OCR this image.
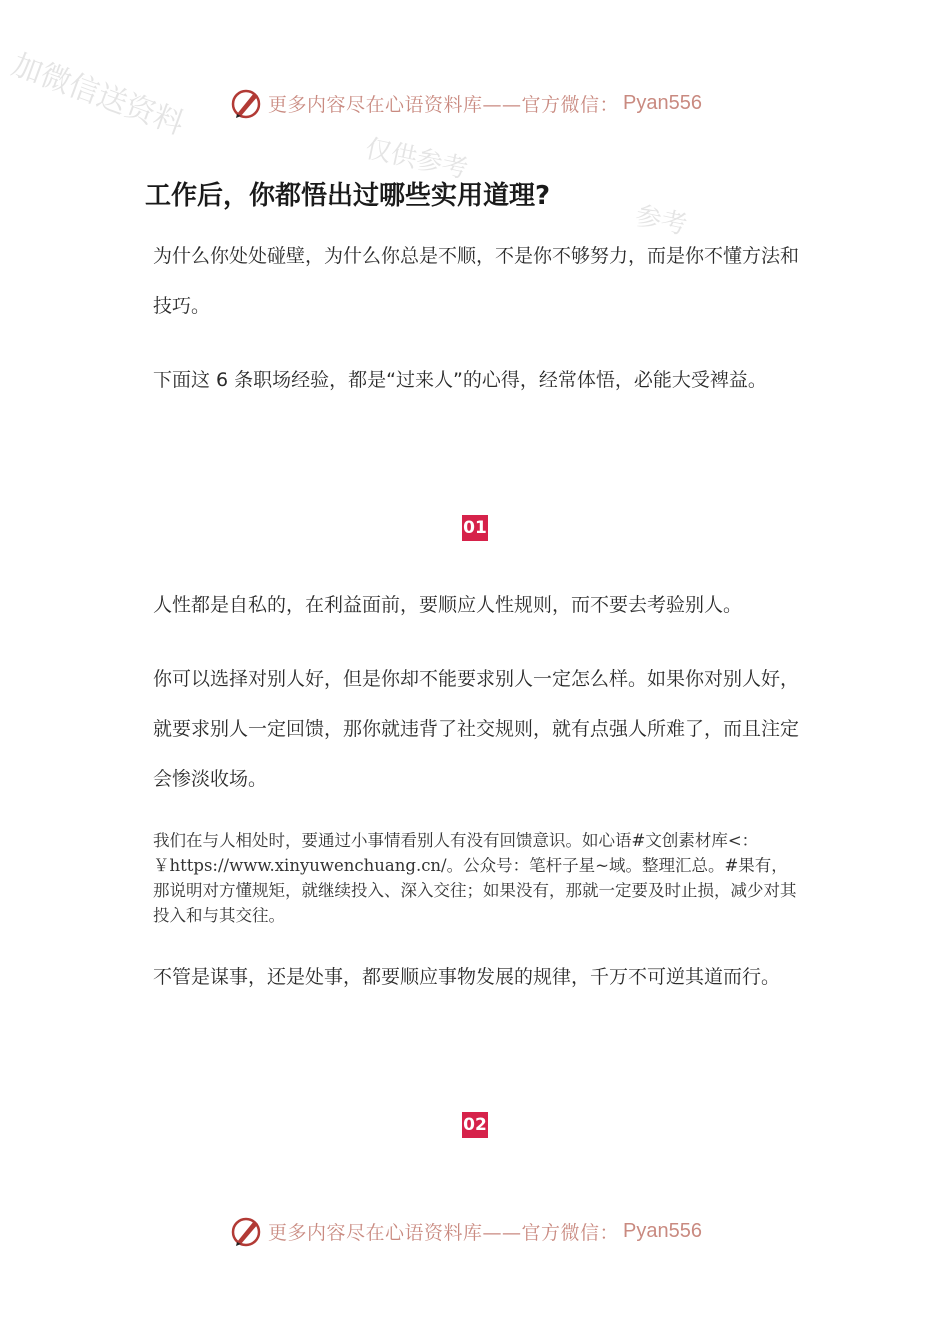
加微信送资料
仅供参考
参考
更多内容尽在心语资料库——官方微信： Pyan556
工作后，你都悟出过哪些实用道理?

为什么你处处碰壁，为什么你总是不顺，不是你不够努力，而是你不懂方法和技巧。

下面这 6 条职场经验，都是“过来人”的心得，经常体悟，必能大受裨益。

01

人性都是自私的，在利益面前，要顺应人性规则，而不要去考验别人。

你可以选择对别人好，但是你却不能要求别人一定怎么样。如果你对别人好，就要求别人一定回馈，那你就违背了社交规则，就有点强人所难了，而且注定会惨淡收场。

我们在与人相处时，要通过小事情看别人有没有回馈意识。如心语#文创素材库<：￥https://www.xinyuwenchuang.cn/。公众号：笔杆子星~域。整理汇总。#果有，那说明对方懂规矩，就继续投入、深入交往；如果没有，那就一定要及时止损，减少对其投入和与其交往。

不管是谋事，还是处事，都要顺应事物发展的规律，千万不可逆其道而行。

02
更多内容尽在心语资料库——官方微信： Pyan556
